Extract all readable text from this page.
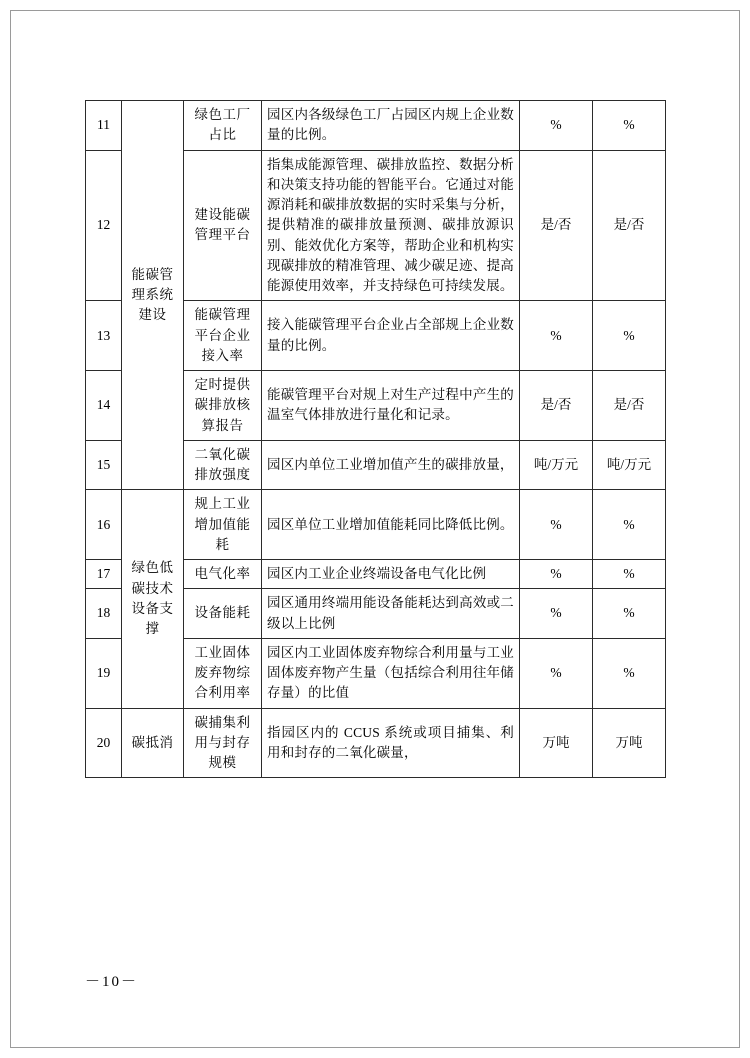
11	能碳管理系统建设	绿色工厂占比	园区内各级绿色工厂占园区内规上企业数量的比例。	%	%
12		建设能碳管理平台	指集成能源管理、碳排放监控、数据分析和决策支持功能的智能平台。它通过对能源消耗和碳排放数据的实时采集与分析，提供精准的碳排放量预测、碳排放源识别、能效优化方案等，帮助企业和机构实现碳排放的精准管理、减少碳足迹、提高能源使用效率，并支持绿色可持续发展。	是/否	是/否
13		能碳管理平台企业接入率	接入能碳管理平台企业占全部规上企业数量的比例。	%	%
14		定时提供碳排放核算报告	能碳管理平台对规上对生产过程中产生的温室气体排放进行量化和记录。	是/否	是/否
15		二氧化碳排放强度	园区内单位工业增加值产生的碳排放量，	吨/万元	吨/万元
16	绿色低碳技术设备支撑	规上工业增加值能耗	园区单位工业增加值能耗同比降低比例。	%	%
17		电气化率	园区内工业企业终端设备电气化比例	%	%
18		设备能耗	园区通用终端用能设备能耗达到高效或二级以上比例	%	%
19		工业固体废弃物综合利用率	园区内工业固体废弃物综合利用量与工业固体废弃物产生量（包括综合利用往年储存量）的比值	%	%
20	碳抵消	碳捕集利用与封存规模	指园区内的 CCUS 系统或项目捕集、利用和封存的二氧化碳量，	万吨	万吨
－10－
